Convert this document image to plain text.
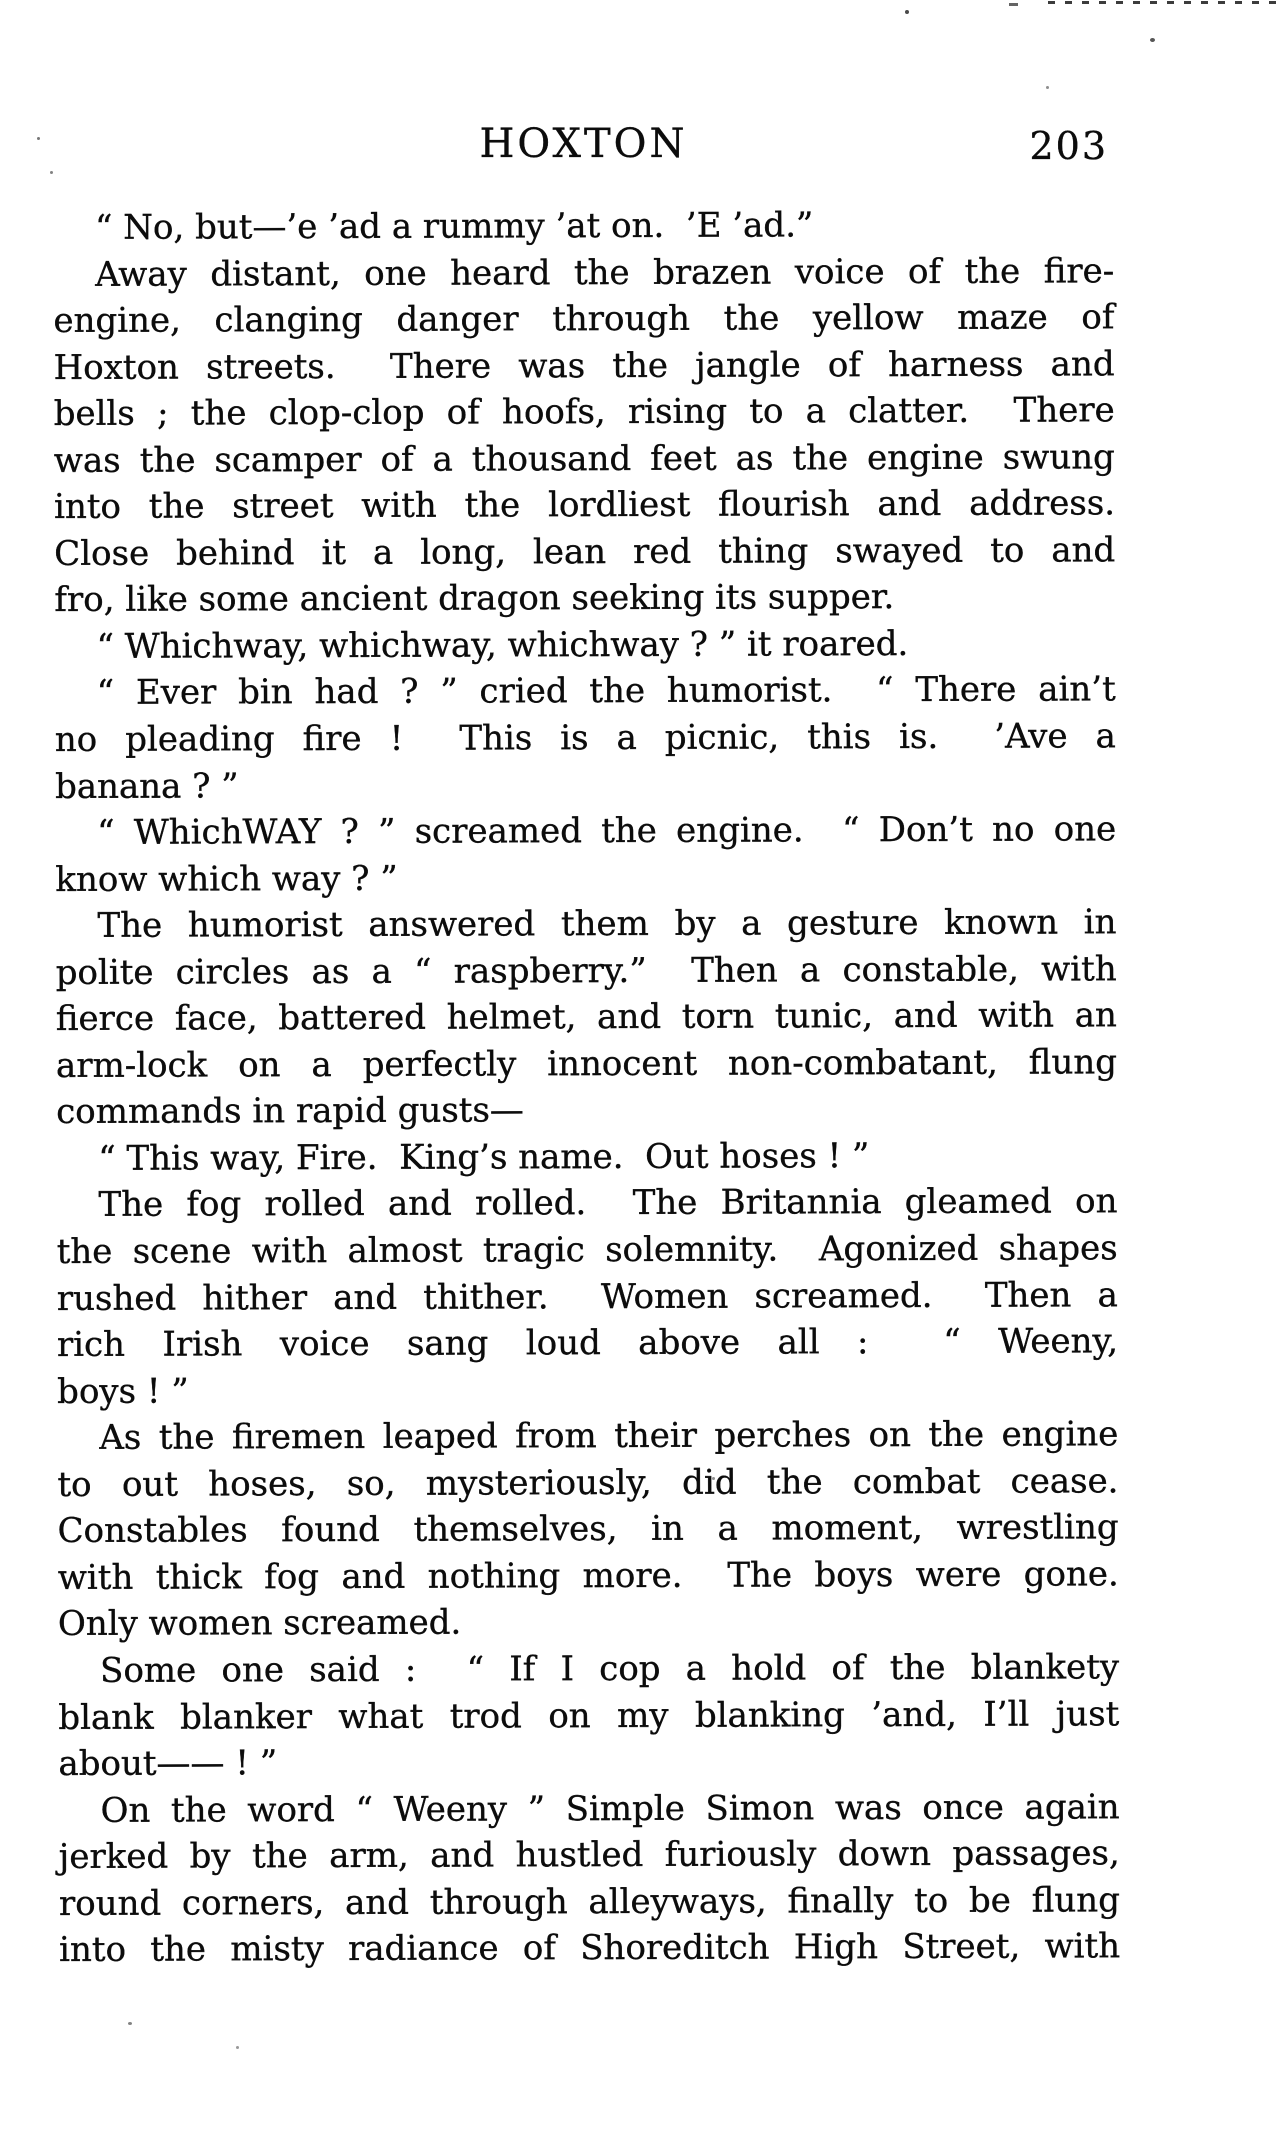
HOXTON	203
“ No, but—’e ’ad a rummy ’at on.  ’E ’ad.”
Away distant, one heard the brazen voice of the fire-
engine, clanging danger through the yellow maze of
Hoxton streets.  There was the jangle of harness and
bells ; the clop-clop of hoofs, rising to a clatter.  There
was the scamper of a thousand feet as the engine swung
into the street with the lordliest flourish and address.
Close behind it a long, lean red thing swayed to and
fro, like some ancient dragon seeking its supper.
“ Whichway, whichway, whichway ? ” it roared.
“ Ever bin had ? ” cried the humorist.  “ There ain’t
no pleading fire !  This is a picnic, this is.  ’Ave a
banana ? ”
“ WhichWAY ? ” screamed the engine.  “ Don’t no one
know which way ? ”
The humorist answered them by a gesture known in
polite circles as a “ raspberry.”  Then a constable, with
fierce face, battered helmet, and torn tunic, and with an
arm-lock on a perfectly innocent non-combatant, flung
commands in rapid gusts—
“ This way, Fire.  King’s name.  Out hoses ! ”
The fog rolled and rolled.  The Britannia gleamed on
the scene with almost tragic solemnity.  Agonized shapes
rushed hither and thither.  Women screamed.  Then a
rich Irish voice sang loud above all :  “ Weeny,
boys ! ”
As the firemen leaped from their perches on the engine
to out hoses, so, mysteriously, did the combat cease.
Constables found themselves, in a moment, wrestling
with thick fog and nothing more.  The boys were gone.
Only women screamed.
Some one said :  “ If I cop a hold of the blankety
blank blanker what trod on my blanking ’and, I’ll just
about—— ! ”
On the word “ Weeny ” Simple Simon was once again
jerked by the arm, and hustled furiously down passages,
round corners, and through alleyways, finally to be flung
into the misty radiance of Shoreditch High Street, with
